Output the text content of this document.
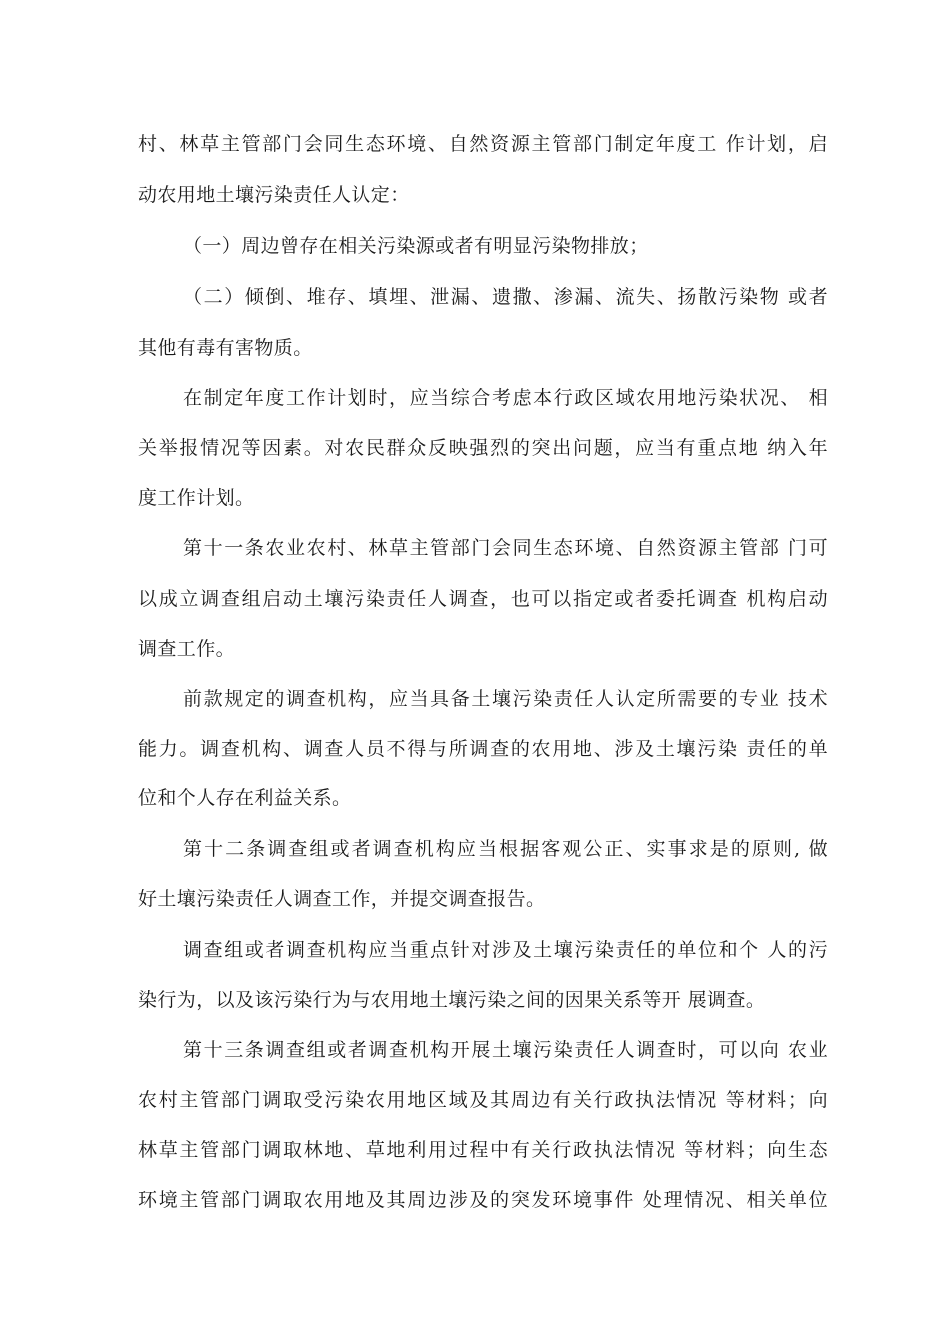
村、林草主管部门会同生态环境、自然资源主管部门制定年度工 作计划，启
动农用地土壤污染责任人认定：
（一）周边曾存在相关污染源或者有明显污染物排放；
（二）倾倒、堆存、填埋、泄漏、遗撒、渗漏、流失、扬散污染物 或者
其他有毒有害物质。
在制定年度工作计划时，应当综合考虑本行政区域农用地污染状况、 相
关举报情况等因素。对农民群众反映强烈的突出问题，应当有重点地 纳入年
度工作计划。
第十一条农业农村、林草主管部门会同生态环境、自然资源主管部 门可
以成立调查组启动土壤污染责任人调查，也可以指定或者委托调查 机构启动
调查工作。
前款规定的调查机构，应当具备土壤污染责任人认定所需要的专业 技术
能力。调查机构、调查人员不得与所调查的农用地、涉及土壤污染 责任的单
位和个人存在利益关系。
第十二条调查组或者调查机构应当根据客观公正、实事求是的原则, 做
好土壤污染责任人调查工作，并提交调查报告。
调查组或者调查机构应当重点针对涉及土壤污染责任的单位和个 人的污
染行为，以及该污染行为与农用地土壤污染之间的因果关系等开 展调查。
第十三条调查组或者调查机构开展土壤污染责任人调查时，可以向 农业
农村主管部门调取受污染农用地区域及其周边有关行政执法情况 等材料；向
林草主管部门调取林地、草地利用过程中有关行政执法情况 等材料；向生态
环境主管部门调取农用地及其周边涉及的突发环境事件 处理情况、相关单位
